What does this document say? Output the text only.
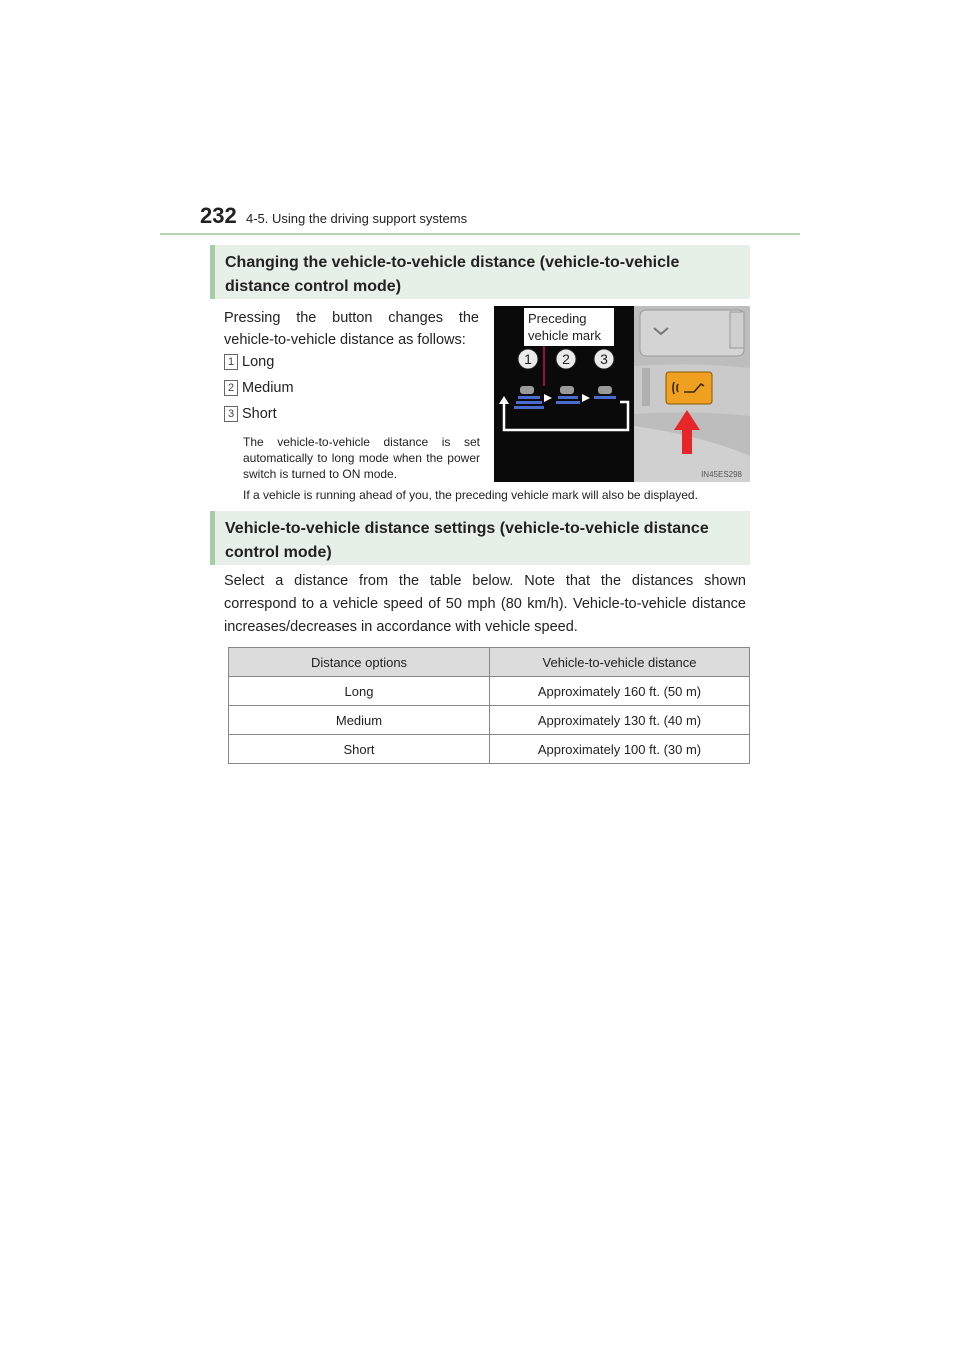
232 4-5. Using the driving support systems
Changing the vehicle-to-vehicle distance (vehicle-to-vehicle distance control mode)
Pressing the button changes the vehicle-to-vehicle distance as follows:
1 Long
2 Medium
3 Short
The vehicle-to-vehicle distance is set automatically to long mode when the power switch is turned to ON mode.
If a vehicle is running ahead of you, the preceding vehicle mark will also be displayed.
IN45ES298
Preceding
vehicle mark
1 2 3
Vehicle-to-vehicle distance settings (vehicle-to-vehicle distance control mode)
Select a distance from the table below. Note that the distances shown correspond to a vehicle speed of 50 mph (80 km/h). Vehicle-to-vehicle distance increases/decreases in accordance with vehicle speed.
Distance options	Vehicle-to-vehicle distance
Long	Approximately 160 ft. (50 m)
Medium	Approximately 130 ft. (40 m)
Short	Approximately 100 ft. (30 m)
